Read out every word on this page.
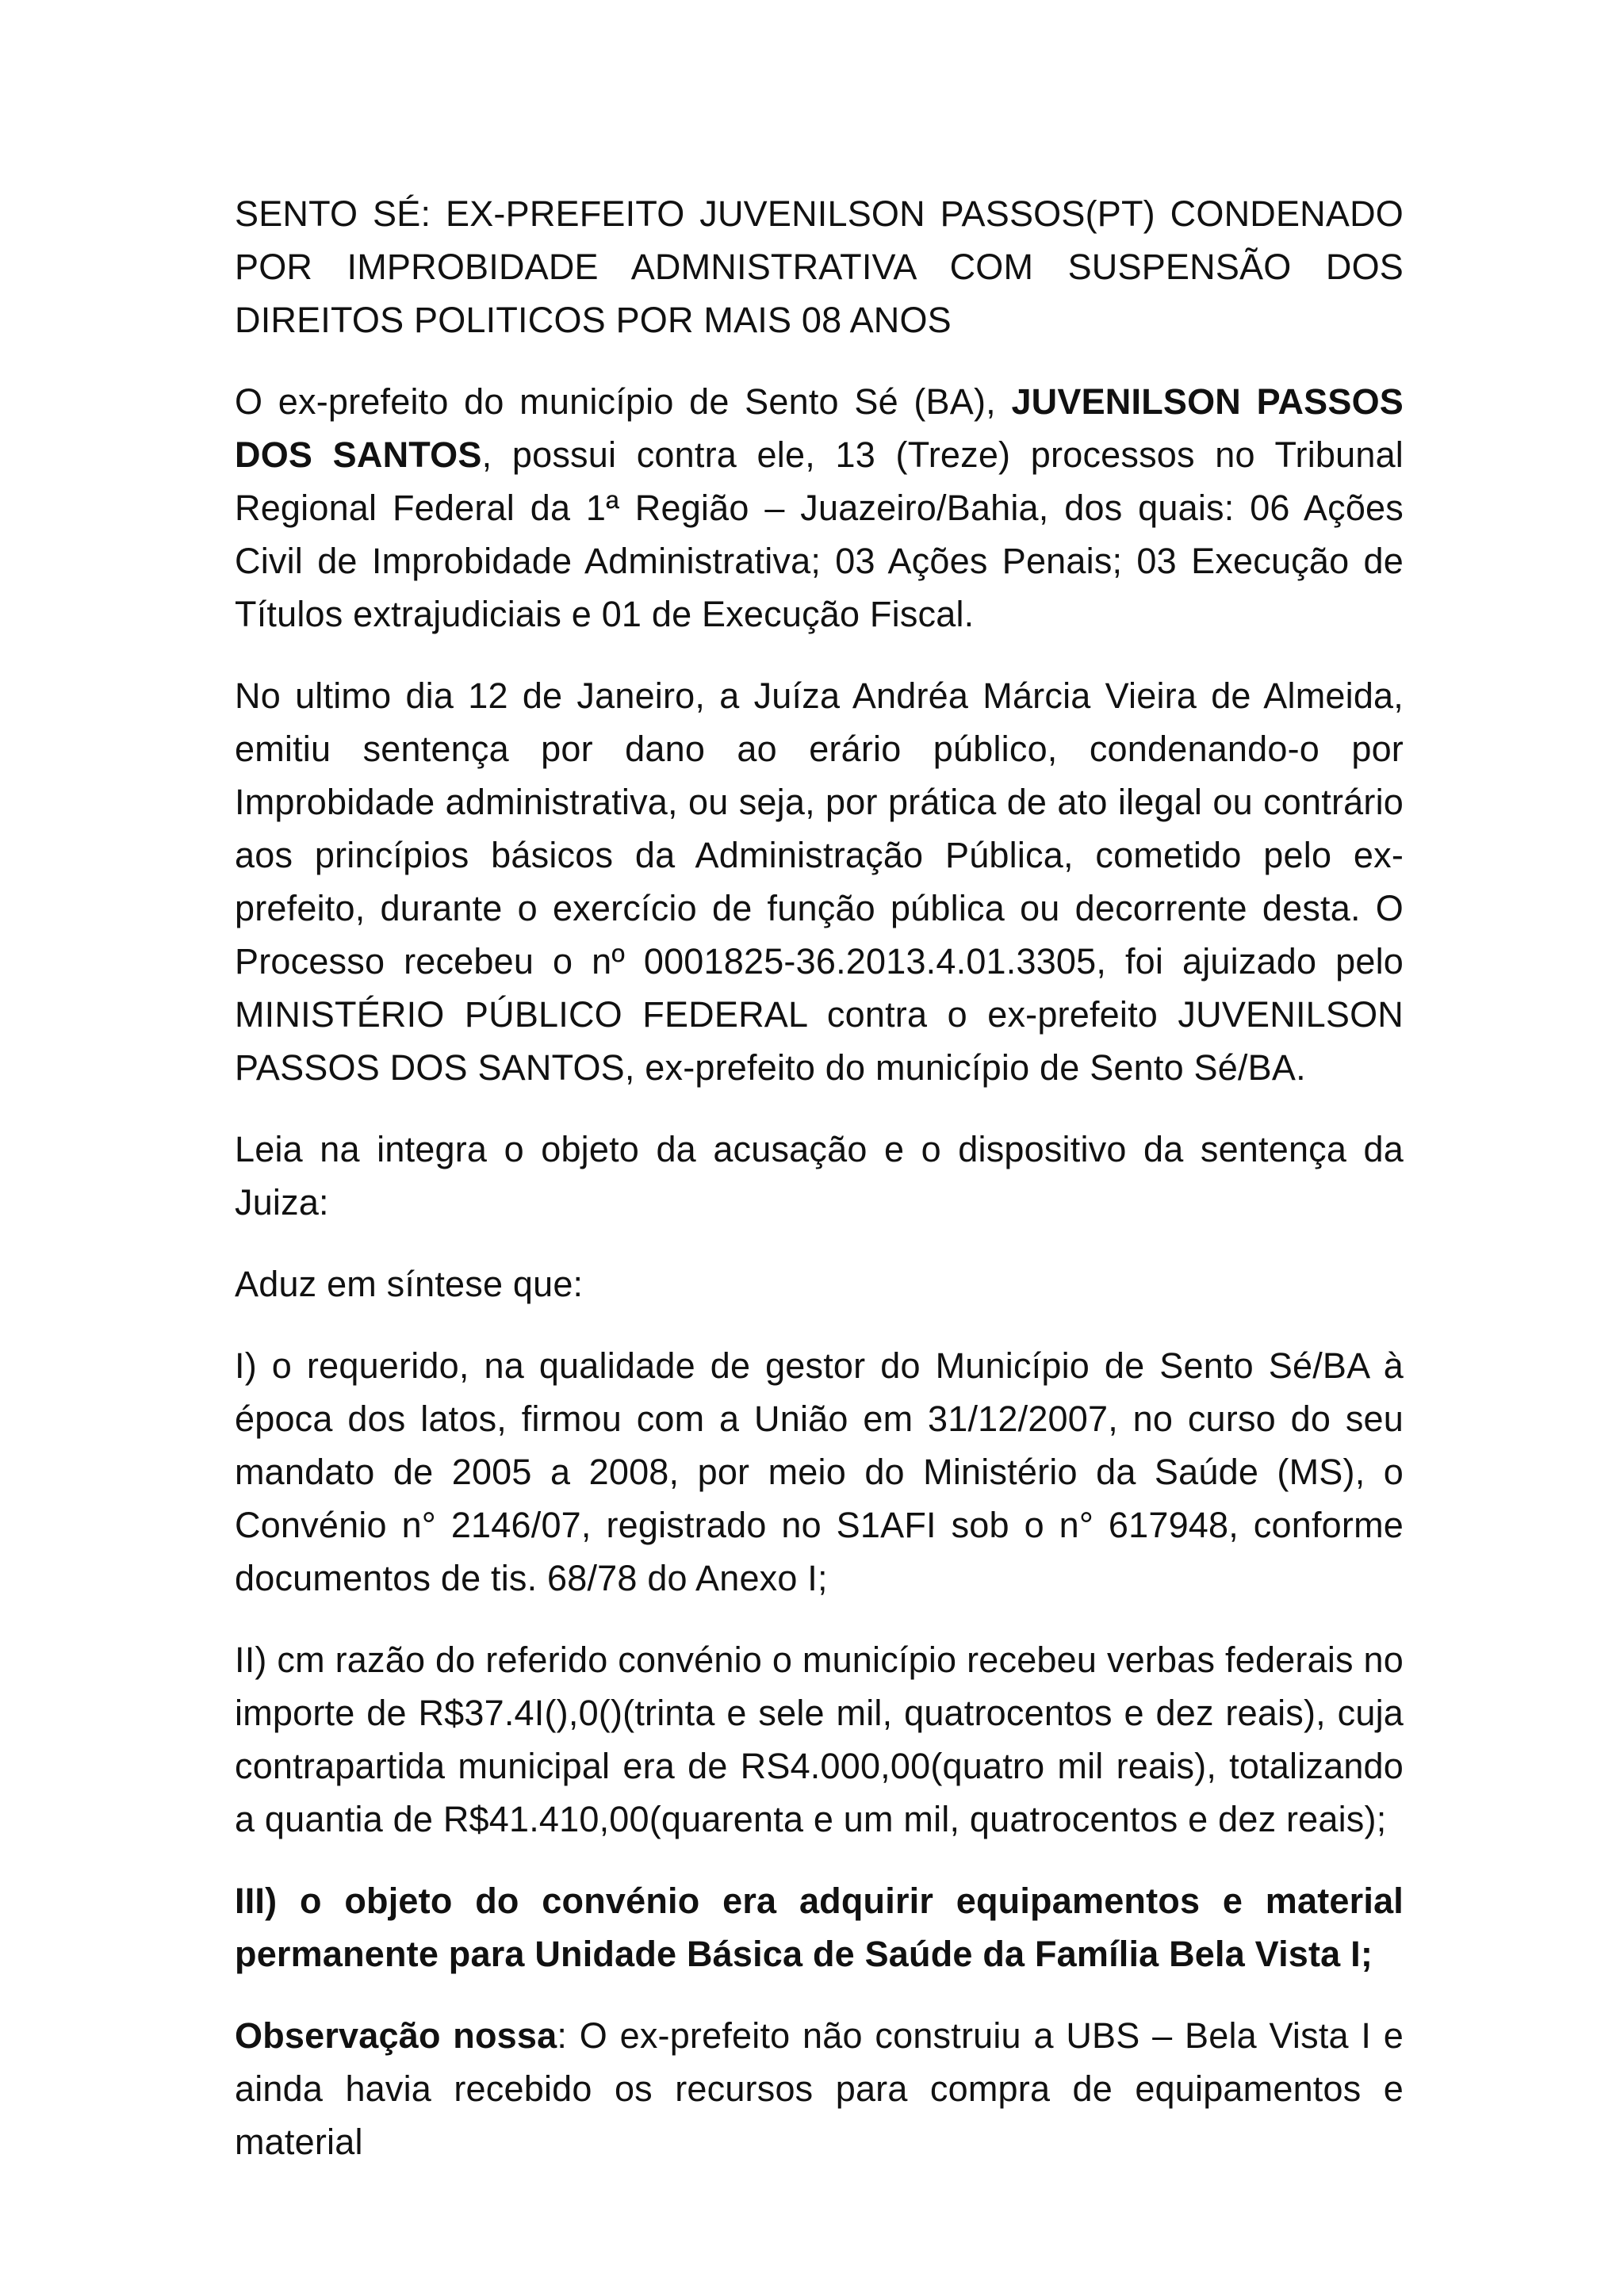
SENTO SÉ: EX-PREFEITO JUVENILSON PASSOS(PT) CONDENADO POR IMPROBIDADE ADMNISTRATIVA COM SUSPENSÃO DOS DIREITOS POLITICOS POR MAIS 08 ANOS

O ex-prefeito do município de Sento Sé (BA), JUVENILSON PASSOS DOS SANTOS, possui contra ele, 13 (Treze) processos no Tribunal Regional Federal da 1ª Região – Juazeiro/Bahia, dos quais: 06 Ações Civil de Improbidade Administrativa; 03 Ações Penais; 03 Execução de Títulos extrajudiciais e 01 de Execução Fiscal.

No ultimo dia 12 de Janeiro, a Juíza Andréa Márcia Vieira de Almeida, emitiu sentença por dano ao erário público, condenando-o por Improbidade administrativa, ou seja, por prática de ato ilegal ou contrário aos princípios básicos da Administração Pública, cometido pelo ex-prefeito, durante o exercício de função pública ou decorrente desta. O Processo recebeu o nº 0001825-36.2013.4.01.3305, foi ajuizado pelo MINISTÉRIO PÚBLICO FEDERAL contra o ex-prefeito JUVENILSON PASSOS DOS SANTOS, ex-prefeito do município de Sento Sé/BA.

Leia na integra o objeto da acusação e o dispositivo da sentença da Juiza:

Aduz em síntese que:

I) o requerido, na qualidade de gestor do Município de Sento Sé/BA à época dos latos, firmou com a União em 31/12/2007, no curso do seu mandato de 2005 a 2008, por meio do Ministério da Saúde (MS), o Convénio n° 2146/07, registrado no S1AFI sob o n° 617948, conforme documentos de tis. 68/78 do Anexo I;

II) cm razão do referido convénio o município recebeu verbas federais no importe de R$37.4I(),0()(trinta e sele mil, quatrocentos e dez reais), cuja contrapartida municipal era de RS4.000,00(quatro mil reais), totalizando a quantia de R$41.410,00(quarenta e um mil, quatrocentos e dez reais);

III) o objeto do convénio era adquirir equipamentos e material permanente para Unidade Básica de Saúde da Família Bela Vista I;

Observação nossa: O ex-prefeito não construiu a UBS – Bela Vista I e ainda havia recebido os recursos para compra de equipamentos e material
